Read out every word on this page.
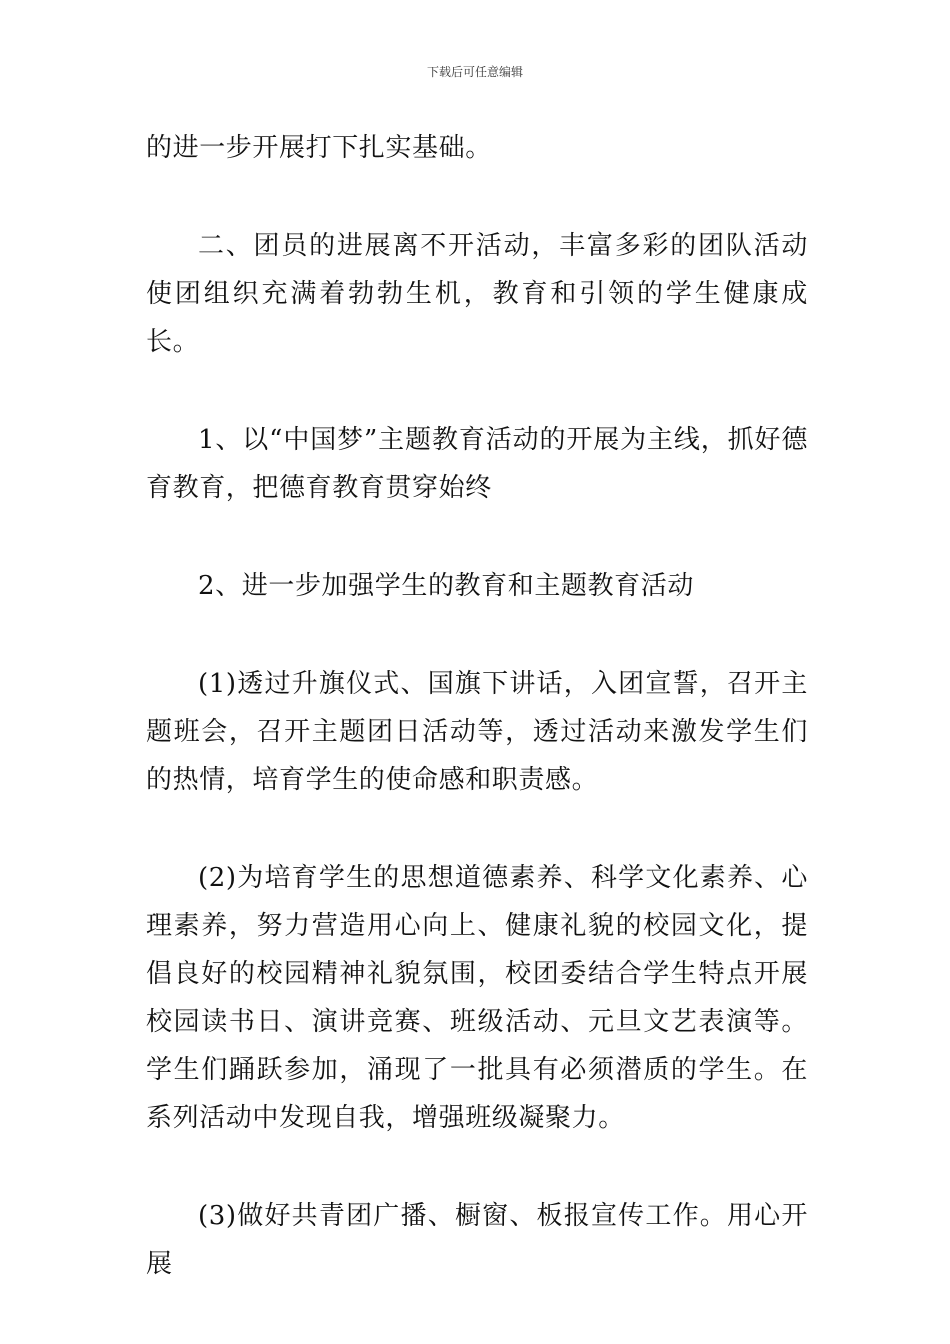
下载后可任意编辑

的进一步开展打下扎实基础。

二、团员的进展离不开活动，丰富多彩的团队活动使团组织充满着勃勃生机，教育和引领的学生健康成长。

1、以“中国梦”主题教育活动的开展为主线，抓好德育教育，把德育教育贯穿始终

2、进一步加强学生的教育和主题教育活动

(1)透过升旗仪式、国旗下讲话，入团宣誓，召开主题班会，召开主题团日活动等，透过活动来激发学生们的热情，培育学生的使命感和职责感。

(2)为培育学生的思想道德素养、科学文化素养、心理素养，努力营造用心向上、健康礼貌的校园文化，提倡良好的校园精神礼貌氛围，校团委结合学生特点开展校园读书日、演讲竞赛、班级活动、元旦文艺表演等。学生们踊跃参加，涌现了一批具有必须潜质的学生。在系列活动中发现自我，增强班级凝聚力。

(3)做好共青团广播、橱窗、板报宣传工作。用心开展
